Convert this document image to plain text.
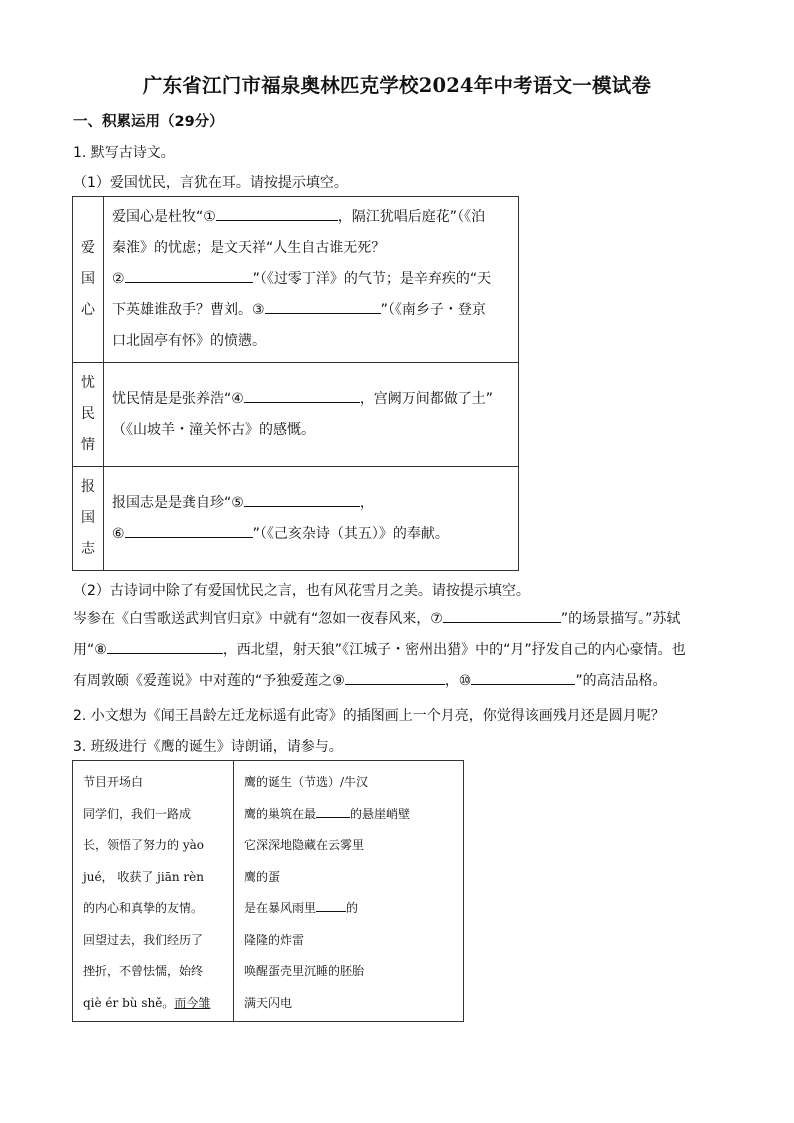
广东省江门市福泉奥林匹克学校2024年中考语文一模试卷
一、积累运用（29分）
1. 默写古诗文。
（1）爱国忧民，言犹在耳。请按提示填空。
爱
国
心	爱国心是杜牧“① ，隔江犹唱后庭花”（《泊
秦淮》的忧虑；是文天祥“人生自古谁无死？
② ”（《过零丁洋》的气节；是辛弃疾的“天
下英雄谁敌手？曹刘。③ ”（《南乡子・登京
口北固亭有怀》的愤懑。

忧
民
情	忧民情是是张养浩“④ ，宫阙万间都做了土”
（《山坡羊・潼关怀古》的感慨。

报
国
志	报国志是是龚自珍“⑤ ，
⑥ ”（《己亥杂诗（其五）》的奉献。
（2）古诗词中除了有爱国忧民之言，也有风花雪月之美。请按提示填空。
岑参在《白雪歌送武判官归京》中就有“忽如一夜春风来，⑦	”的场景描写。”苏轼
用“⑧	，西北望，射天狼”《江城子・密州出猎》中的“月”抒发自己的内心豪情。也
有周敦颐《爱莲说》中对莲的“予独爱莲之⑨	，⑩	”的高洁品格。
2. 小文想为《闻王昌龄左迁龙标遥有此寄》的插图画上一个月亮，你觉得该画残月还是圆月呢？
3. 班级进行《鹰的诞生》诗朗诵，请参与。
节目开场白
同学们，我们一路成
长，领悟了努力的 yào
jué， 收获了 jiān rèn
的内心和真挚的友情。
回望过去，我们经历了
挫折，不曾怯懦，始终
qiè ér bù shě。而今雏

鹰的诞生（节选）/牛汉
鹰的巢筑在最	的悬崖峭壁
它深深地隐藏在云雾里
鹰的蛋
是在暴风雨里	的
隆隆的炸雷
唤醒蛋壳里沉睡的胚胎
满天闪电
